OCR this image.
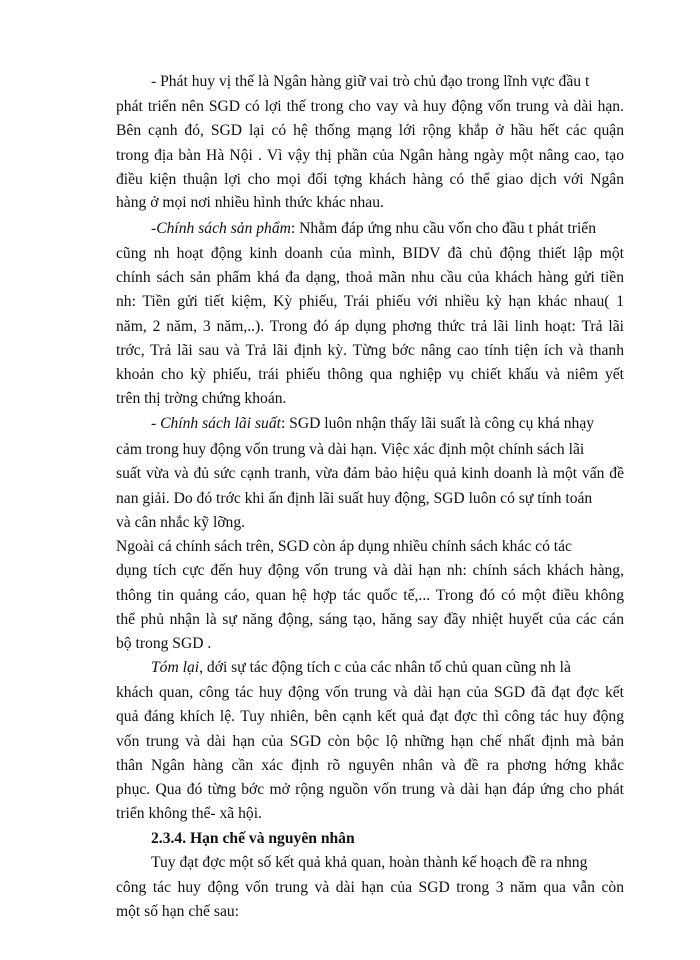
- Phát huy vị thế là Ngân hàng giữ vai trò chủ đạo trong lĩnh vực đầu t
phát triển nên SGD có lợi thế trong cho vay và huy động vốn trung và dài hạn.
Bên cạnh đó, SGD lại có hệ thống mạng lới rộng khắp ở hầu hết các quận
trong địa bàn Hà Nội . Vì vậy thị phần của Ngân hàng ngày một nâng cao, tạo
điều kiện thuận lợi cho mọi đối tợng khách hàng có thể giao dịch với Ngân
hàng ở mọi nơi nhiều hình thức khác nhau.
-Chính sách sản phẩm: Nhằm đáp ứng nhu cầu vốn cho đầu t phát triển
cũng nh hoạt động kinh doanh của mình, BIDV đã chủ động thiết lập một
chính sách sản phẩm khá đa dạng, thoả mãn nhu cầu của khách hàng gửi tiền
nh: Tiền gửi tiết kiệm, Kỳ phiếu, Trái phiếu với nhiều kỳ hạn khác nhau( 1
năm, 2 năm, 3 năm,..). Trong đó áp dụng phơng thức trả lãi linh hoạt: Trả lãi
trớc, Trả lãi sau và Trả lãi định kỳ. Từng bớc nâng cao tính tiện ích và thanh
khoản cho kỳ phiếu, trái phiếu thông qua nghiệp vụ chiết khấu và niêm yết
trên thị trờng chứng khoán.
- Chính sách lãi suất: SGD luôn nhận thấy lãi suất là công cụ khá nhạy
cảm trong huy động vốn trung và dài hạn. Việc xác định một chính sách lãi
suất vừa và đủ sức cạnh tranh, vừa đảm bảo hiệu quả kinh doanh là một vấn đề
nan giải. Do đó trớc khi ấn định lãi suất huy động, SGD luôn có sự tính toán
và cân nhắc kỹ lỡng.
Ngoài cá chính sách trên, SGD còn áp dụng nhiều chính sách khác có tác
dụng tích cực đến huy động vốn trung và dài hạn nh: chính sách khách hàng,
thông tin quảng cáo, quan hệ hợp tác quốc tế,... Trong đó có một điều không
thể phủ nhận là sự năng động, sáng tạo, hăng say đầy nhiệt huyết của các cán
bộ trong SGD .
Tóm lại, dới sự tác động tích c của các nhân tố chủ quan cũng nh là
khách quan, công tác huy động vốn trung và dài hạn của SGD đã đạt đợc kết
quả đáng khích lệ. Tuy nhiên, bên cạnh kết quả đạt đợc thì công tác huy động
vốn trung và dài hạn của SGD còn bộc lộ những hạn chế nhất định mà bản
thân Ngân hàng cần xác định rõ nguyên nhân và đề ra phơng hớng khắc
phục. Qua đó từng bớc mở rộng nguồn vốn trung và dài hạn đáp ứng cho phát
triển không thể- xã hội.
2.3.4. Hạn chế và nguyên nhân
Tuy đạt đợc một số kết quả khả quan, hoàn thành kế hoạch đề ra nhng
công tác huy động vốn trung và dài hạn của SGD trong 3 năm qua vẫn còn
một số hạn chế sau:
